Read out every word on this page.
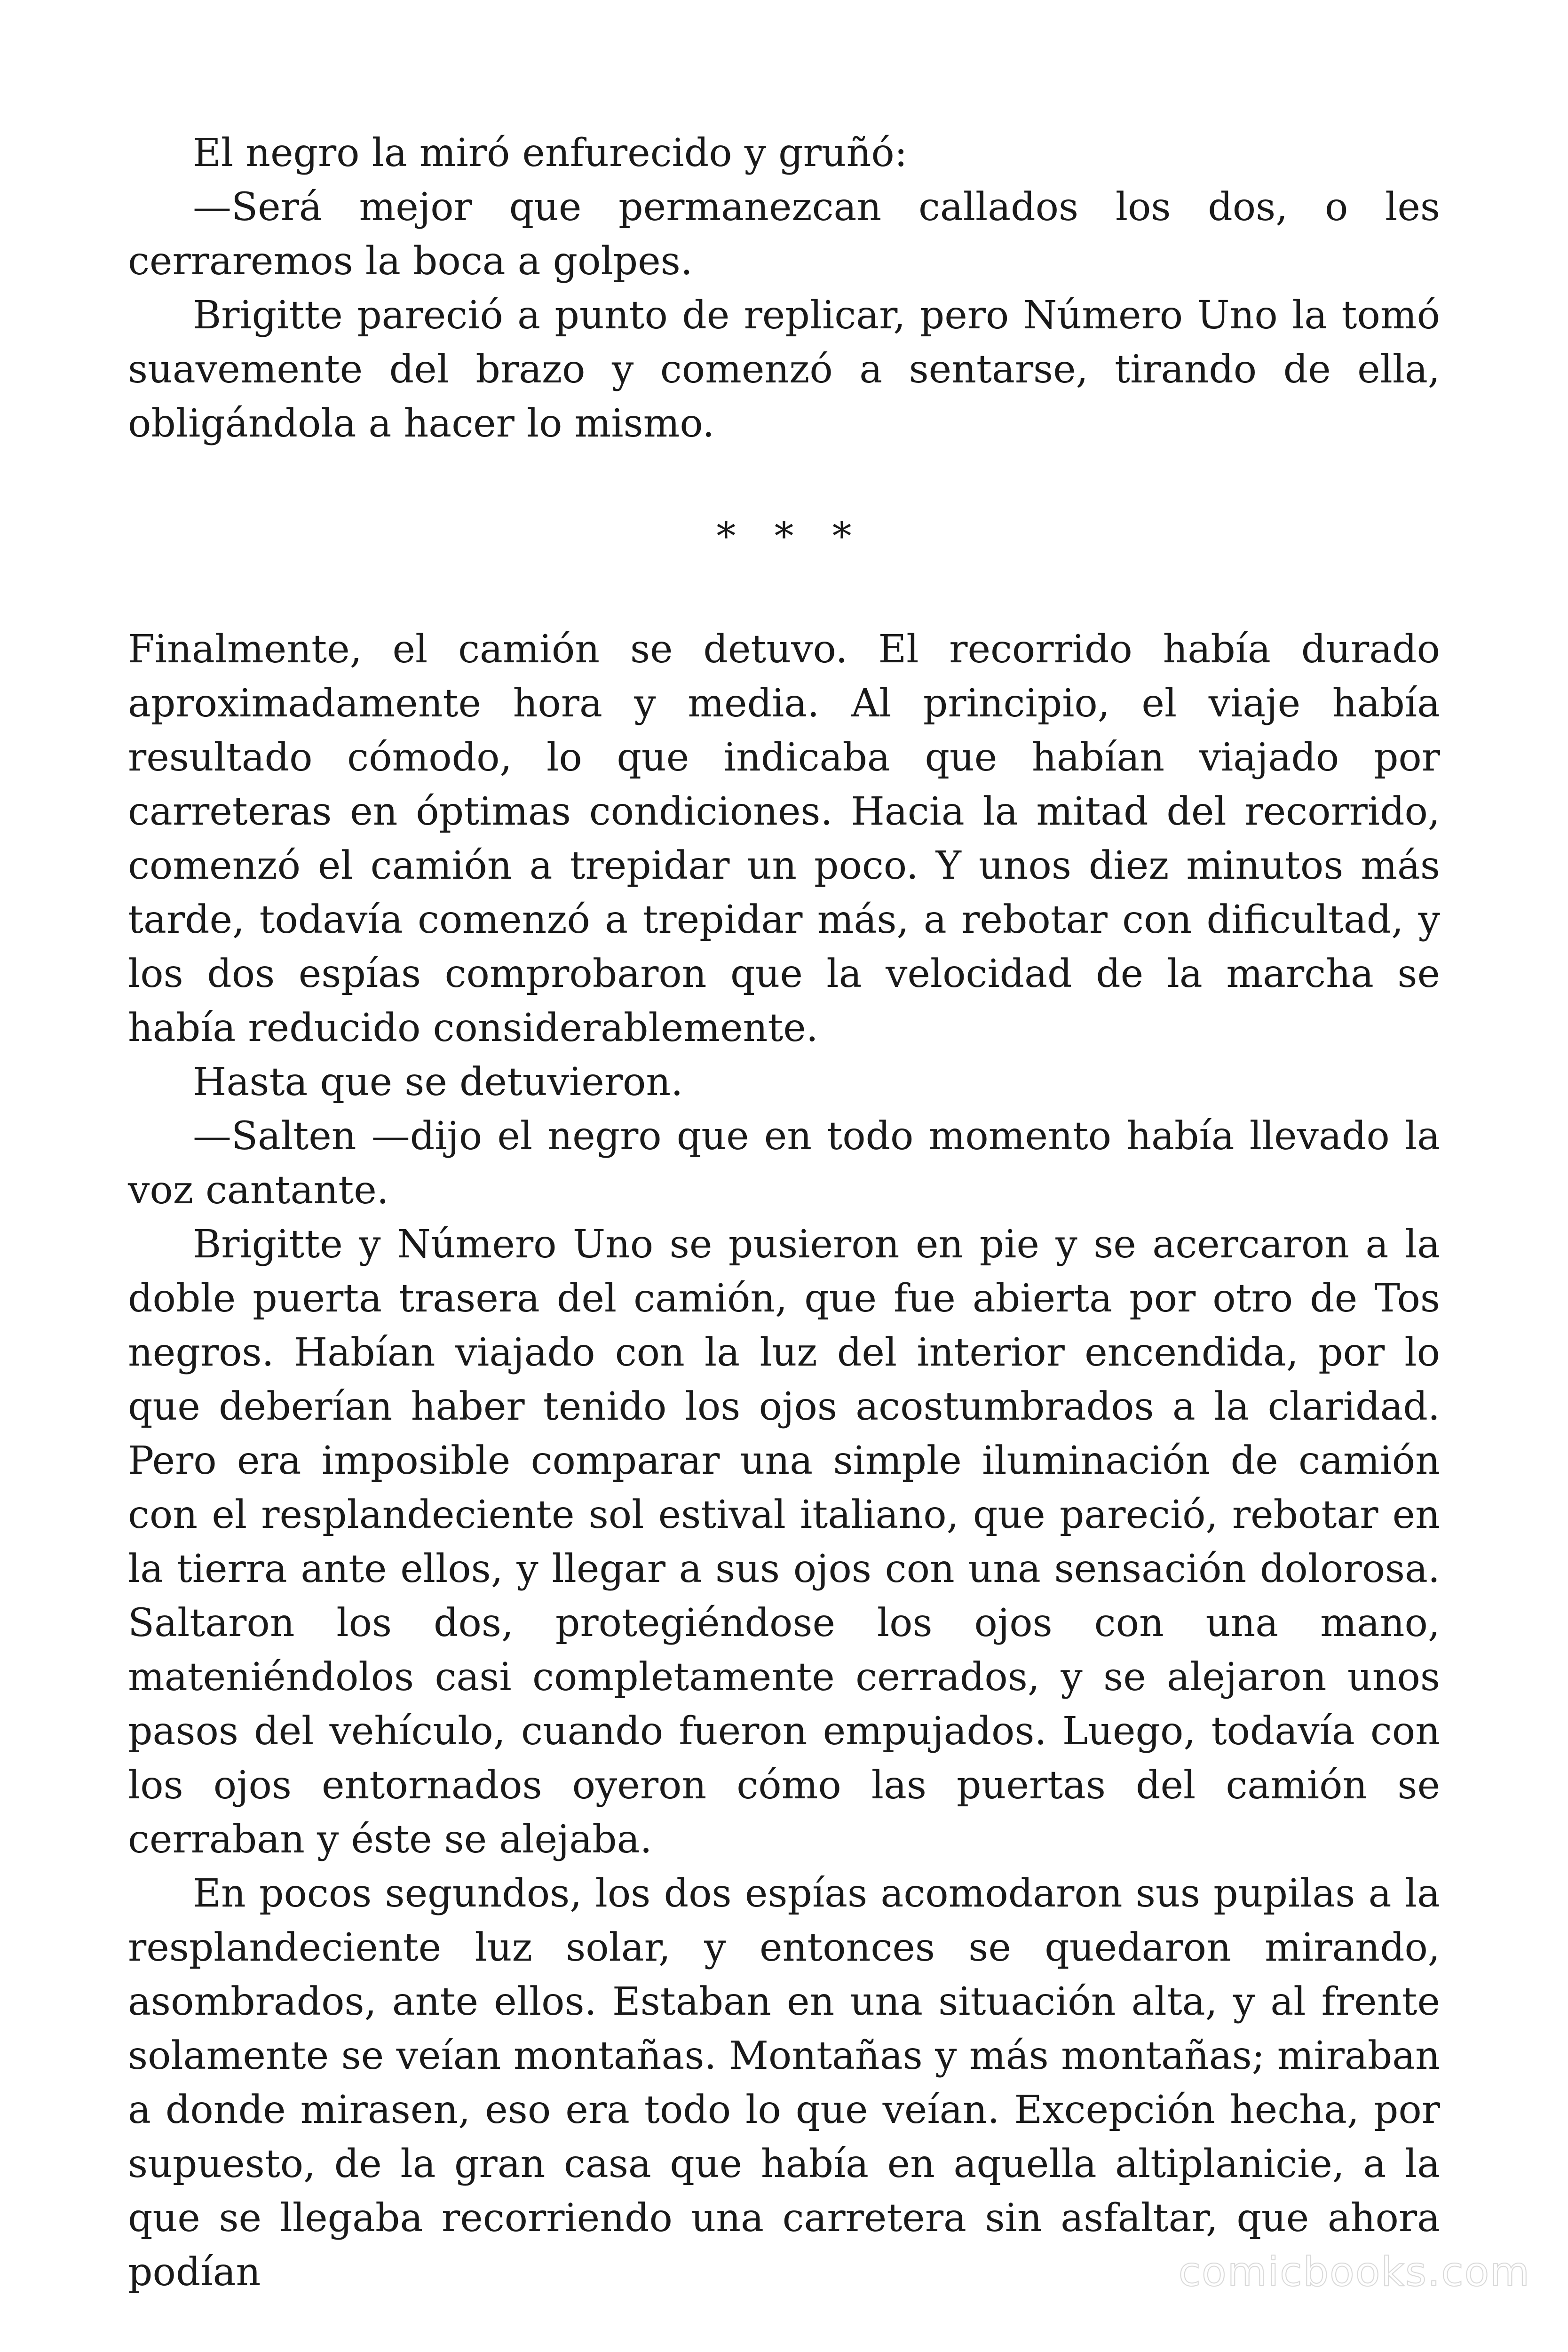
El negro la miró enfurecido y gruñó:

—Será mejor que permanezcan callados los dos, o les cerraremos la boca a golpes.

Brigitte pareció a punto de replicar, pero Número Uno la tomó suavemente del brazo y comenzó a sentarse, tirando de ella, obligándola a hacer lo mismo.

* * *

Finalmente, el camión se detuvo. El recorrido había durado aproximadamente hora y media. Al principio, el viaje había resultado cómodo, lo que indicaba que habían viajado por carreteras en óptimas condiciones. Hacia la mitad del recorrido, comenzó el camión a trepidar un poco. Y unos diez minutos más tarde, todavía comenzó a trepidar más, a rebotar con dificultad, y los dos espías comprobaron que la velocidad de la marcha se había reducido considerablemente.

Hasta que se detuvieron.

—Salten —dijo el negro que en todo momento había llevado la voz cantante.

Brigitte y Número Uno se pusieron en pie y se acercaron a la doble puerta trasera del camión, que fue abierta por otro de Tos negros. Habían viajado con la luz del interior encendida, por lo que deberían haber tenido los ojos acostumbrados a la claridad. Pero era imposible comparar una simple iluminación de camión con el resplandeciente sol estival italiano, que pareció, rebotar en la tierra ante ellos, y llegar a sus ojos con una sensación dolorosa. Saltaron los dos, protegiéndose los ojos con una mano, mateniéndolos casi completamente cerrados, y se alejaron unos pasos del vehículo, cuando fueron empujados. Luego, todavía con los ojos entornados oyeron cómo las puertas del camión se cerraban y éste se alejaba.

En pocos segundos, los dos espías acomodaron sus pupilas a la resplandeciente luz solar, y entonces se quedaron mirando, asombrados, ante ellos. Estaban en una situación alta, y al frente solamente se veían montañas. Montañas y más montañas; miraban a donde mirasen, eso era todo lo que veían. Excepción hecha, por supuesto, de la gran casa que había en aquella altiplanicie, a la que se llegaba recorriendo una carretera sin asfaltar, que ahora podían	comicbooks.com
